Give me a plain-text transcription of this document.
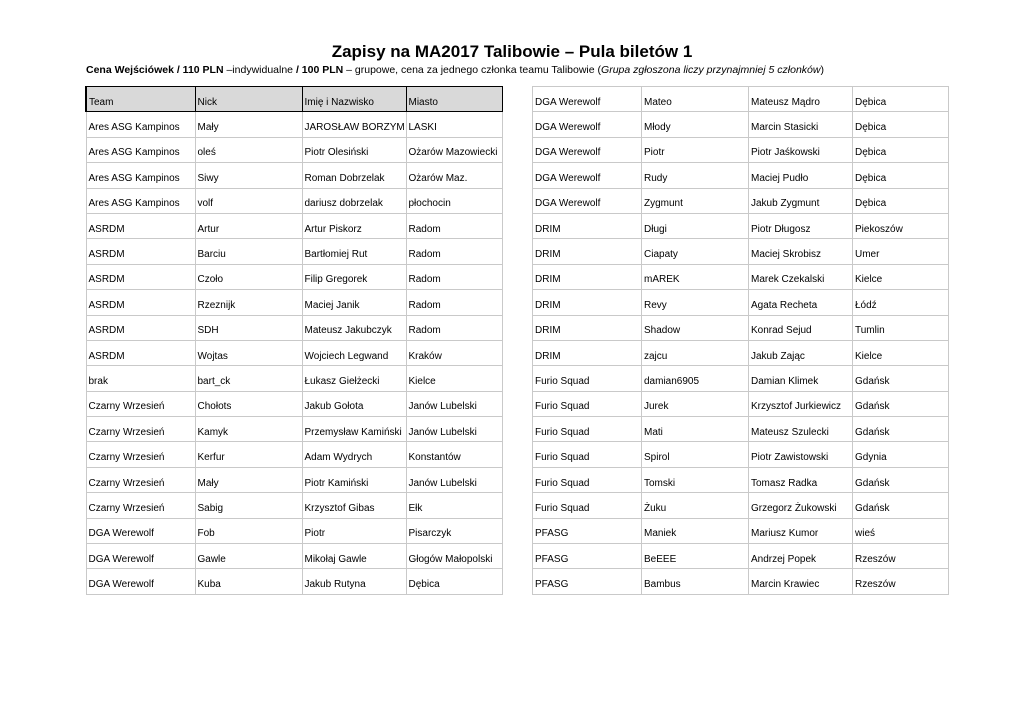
Zapisy na MA2017 Talibowie – Pula biletów 1
Cena Wejściówek / 110 PLN –indywidualne / 100 PLN – grupowe, cena za jednego członka teamu Talibowie (Grupa zgłoszona liczy przynajmniej 5 członków)
Team	Nick	Imię i Nazwisko	Miasto
Ares ASG Kampinos	Mały	JAROSŁAW BORZYM	LASKI
Ares ASG Kampinos	oleś	Piotr Olesiński	Ożarów Mazowiecki
Ares ASG Kampinos	Siwy	Roman Dobrzelak	Ożarów Maz.
Ares ASG Kampinos	volf	dariusz dobrzelak	płochocin
ASRDM	Artur	Artur Piskorz	Radom
ASRDM	Barciu	Bartłomiej Rut	Radom
ASRDM	Czoło	Filip Gregorek	Radom
ASRDM	Rzeznijk	Maciej Janik	Radom
ASRDM	SDH	Mateusz Jakubczyk	Radom
ASRDM	Wojtas	Wojciech Legwand	Kraków
brak	bart_ck	Łukasz Giełżecki	Kielce
Czarny Wrzesień	Chołots	Jakub Gołota	Janów Lubelski
Czarny Wrzesień	Kamyk	Przemysław Kamiński	Janów Lubelski
Czarny Wrzesień	Kerfur	Adam Wydrych	Konstantów
Czarny Wrzesień	Mały	Piotr Kamiński	Janów Lubelski
Czarny Wrzesień	Sabig	Krzysztof Gibas	Ełk
DGA Werewolf	Fob	Piotr	Pisarczyk
DGA Werewolf	Gawle	Mikołaj Gawle	Głogów Małopolski
DGA Werewolf	Kuba	Jakub Rutyna	Dębica
DGA Werewolf	Mateo	Mateusz Mądro	Dębica
DGA Werewolf	Młody	Marcin Stasicki	Dębica
DGA Werewolf	Piotr	Piotr Jaśkowski	Dębica
DGA Werewolf	Rudy	Maciej Pudło	Dębica
DGA Werewolf	Zygmunt	Jakub Zygmunt	Dębica
DRIM	Długi	Piotr Długosz	Piekoszów
DRIM	Ciapaty	Maciej Skrobisz	Umer
DRIM	mAREK	Marek Czekalski	Kielce
DRIM	Revy	Agata Recheta	Łódź
DRIM	Shadow	Konrad Sejud	Tumlin
DRIM	zajcu	Jakub Zając	Kielce
Furio Squad	damian6905	Damian Klimek	Gdańsk
Furio Squad	Jurek	Krzysztof Jurkiewicz	Gdańsk
Furio Squad	Mati	Mateusz Szulecki	Gdańsk
Furio Squad	Spirol	Piotr Zawistowski	Gdynia
Furio Squad	Tomski	Tomasz Radka	Gdańsk
Furio Squad	Żuku	Grzegorz Żukowski	Gdańsk
PFASG	Maniek	Mariusz Kumor	wieś
PFASG	BeEEE	Andrzej Popek	Rzeszów
PFASG	Bambus	Marcin Krawiec	Rzeszów
